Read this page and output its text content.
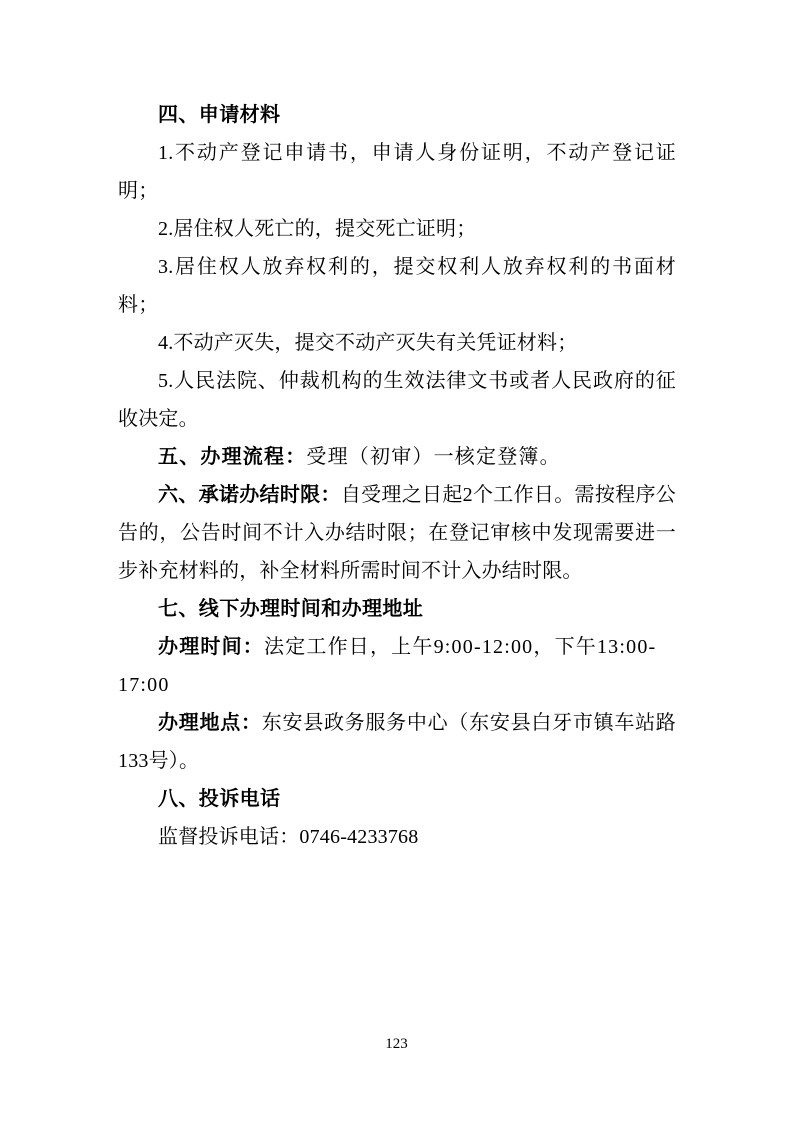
四、申请材料

1.不动产登记申请书，申请人身份证明，不动产登记证明；

2.居住权人死亡的，提交死亡证明；

3.居住权人放弃权利的，提交权利人放弃权利的书面材料；

4.不动产灭失，提交不动产灭失有关凭证材料；

5.人民法院、仲裁机构的生效法律文书或者人民政府的征收决定。

五、办理流程：受理（初审）一核定登簿。

六、承诺办结时限：自受理之日起2个工作日。需按程序公告的，公告时间不计入办结时限；在登记审核中发现需要进一步补充材料的，补全材料所需时间不计入办结时限。

七、线下办理时间和办理地址

办理时间：法定工作日，上午9:00-12:00，下午13:00-17:00

办理地点：东安县政务服务中心（东安县白牙市镇车站路133号）。

八、投诉电话

监督投诉电话：0746-4233768

123
